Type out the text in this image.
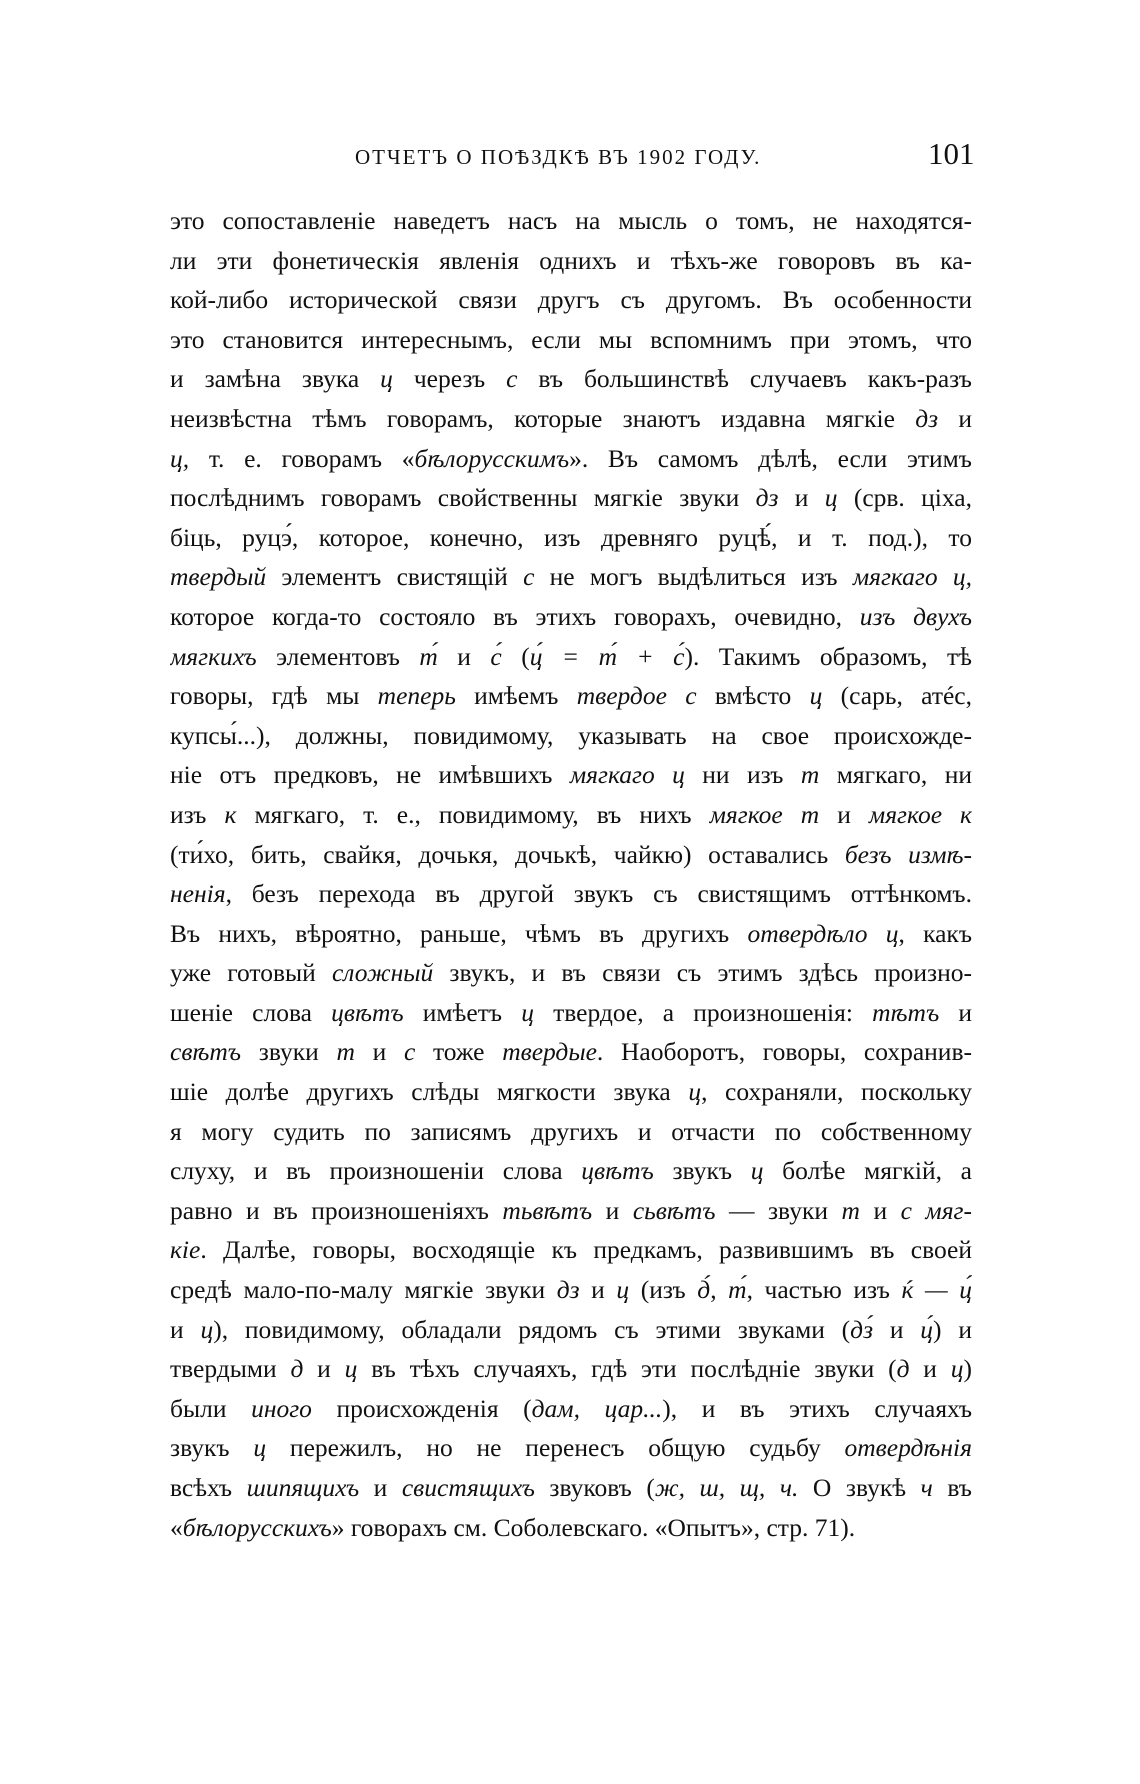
ОТЧЕТЪ О ПОѢЗДКѢ ВЪ 1902 ГОДУ.	101
это сопоставленіе наведетъ насъ на мысль о томъ, не находятся-
ли эти фонетическія явленія однихъ и тѣхъ-же говоровъ въ ка-
кой-либо исторической связи другъ съ другомъ. Въ особенности
это становится интереснымъ, если мы вспомнимъ при этомъ, что
и замѣна звука ц черезъ с въ большинствѣ случаевъ какъ-разъ
неизвѣстна тѣмъ говорамъ, которые знаютъ издавна мягкіе дз и
ц, т. е. говорамъ «бѣлорусскимъ». Въ самомъ дѣлѣ, если этимъ
послѣднимъ говорамъ свойственны мягкіе звуки дз и ц (срв. ціха,
біць, руцэ́, которое, конечно, изъ древняго руцѣ́, и т. под.), то
твердый элементъ свистящій с не могъ выдѣлиться изъ мягкаго ц,
которое когда-то состояло въ этихъ говорахъ, очевидно, изъ двухъ
мягкихъ элементовъ т́ и с́ (ц́ = т́ + с́). Такимъ образомъ, тѣ
говоры, гдѣ мы теперь имѣемъ твердое с вмѣсто ц (сарь, атéс,
купсы́...), должны, повидимому, указывать на свое происхожде-
ніе отъ предковъ, не имѣвшихъ мягкаго ц ни изъ т мягкаго, ни
изъ к мягкаго, т. е., повидимому, въ нихъ мягкое т и мягкое к
(ти́хо, бить, свайкя, дочькя, дочькѣ, чайкю) оставались безъ измѣ-
ненія, безъ перехода въ другой звукъ съ свистящимъ оттѣнкомъ.
Въ нихъ, вѣроятно, раньше, чѣмъ въ другихъ отвердѣло ц, какъ
уже готовый сложный звукъ, и въ связи съ этимъ здѣсь произно-
шеніе слова цвѣтъ имѣетъ ц твердое, а произношенія: тѣтъ и
свѣтъ звуки т и с тоже твердые. Наоборотъ, говоры, сохранив-
шіе долѣе другихъ слѣды мягкости звука ц, сохраняли, поскольку
я могу судить по записямъ другихъ и отчасти по собственному
слуху, и въ произношеніи слова цвѣтъ звукъ ц болѣе мягкій, а
равно и въ произношеніяхъ тьвѣтъ и сьвѣтъ — звуки т и с мяг-
кіе. Далѣе, говоры, восходящіе къ предкамъ, развившимъ въ своей
средѣ мало-по-малу мягкіе звуки дз и ц (изъ д́, т́, частью изъ ќ — ц́
и ц), повидимому, обладали рядомъ съ этими звуками (дз́ и ц́) и
твердыми д и ц въ тѣхъ случаяхъ, гдѣ эти послѣдніе звуки (д и ц)
были иного происхожденія (дам, цар...), и въ этихъ случаяхъ
звукъ ц пережилъ, но не перенесъ общую судьбу отвердѣнія
всѣхъ шипящихъ и свистящихъ звуковъ (ж, ш, щ, ч. О звукѣ ч въ
«бѣлорусскихъ» говорахъ см. Соболевскаго. «Опытъ», стр. 71).
